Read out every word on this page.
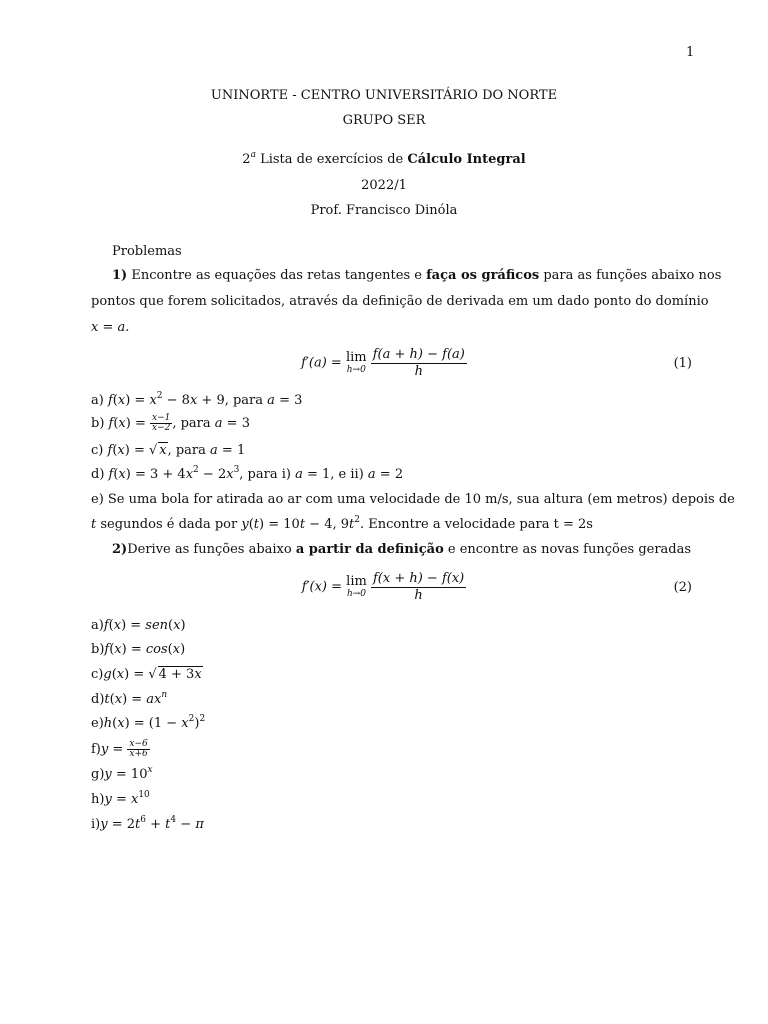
1
UNINORTE - CENTRO UNIVERSITÁRIO DO NORTE
GRUPO SER
2$^a$ Lista de exercícios de Cálculo Integral
2022/1
Prof. Francisco Dinóla
Problemas
1) Encontre as equações das retas tangentes e faça os gráficos para as funções abaixo nos
pontos que forem solicitados, através da definição de derivada em um dado ponto do domínio
x = a.
f′(a) = lim
h→0
$\frac{f(a + h) - f(a)}{h}$	(1)
a) $f(x) = x^2 - 8x + 9$, para a = 3
b) $f(x) = \frac{x-1}{x-2}$ , para a = 3
c) f(x) = √ x, para a = 1
d) $f(x) = 3 + 4x^2 - 2x^3$, para i) a = 1, e ii) a = 2
e) Se uma bola for atirada ao ar com uma velocidade de 10 m/s, sua altura (em metros) depois de
t segundos é dada por y(t) = 10t − 4, $9t^2$. Encontre a velocidade para t = 2s
2)Derive as funções abaixo a partir da definição e encontre as novas funções geradas
f′(x) = lim
h→0
$\frac{f(x + h) - f(x)}{h}$	(2)
a)f(x) = sen(x)
b)f(x) = cos(x)
c)g(x) = √ 4 + 3x
$d)t(x) = ax^n$
$e)h(x) = (1 - x^2)^2$
$f)y = \frac{x-6}{x+6}$
$g)y = 10^x$
$h)y = x^{10}$
$i)y = 2t^6 + t^4 - \pi$
